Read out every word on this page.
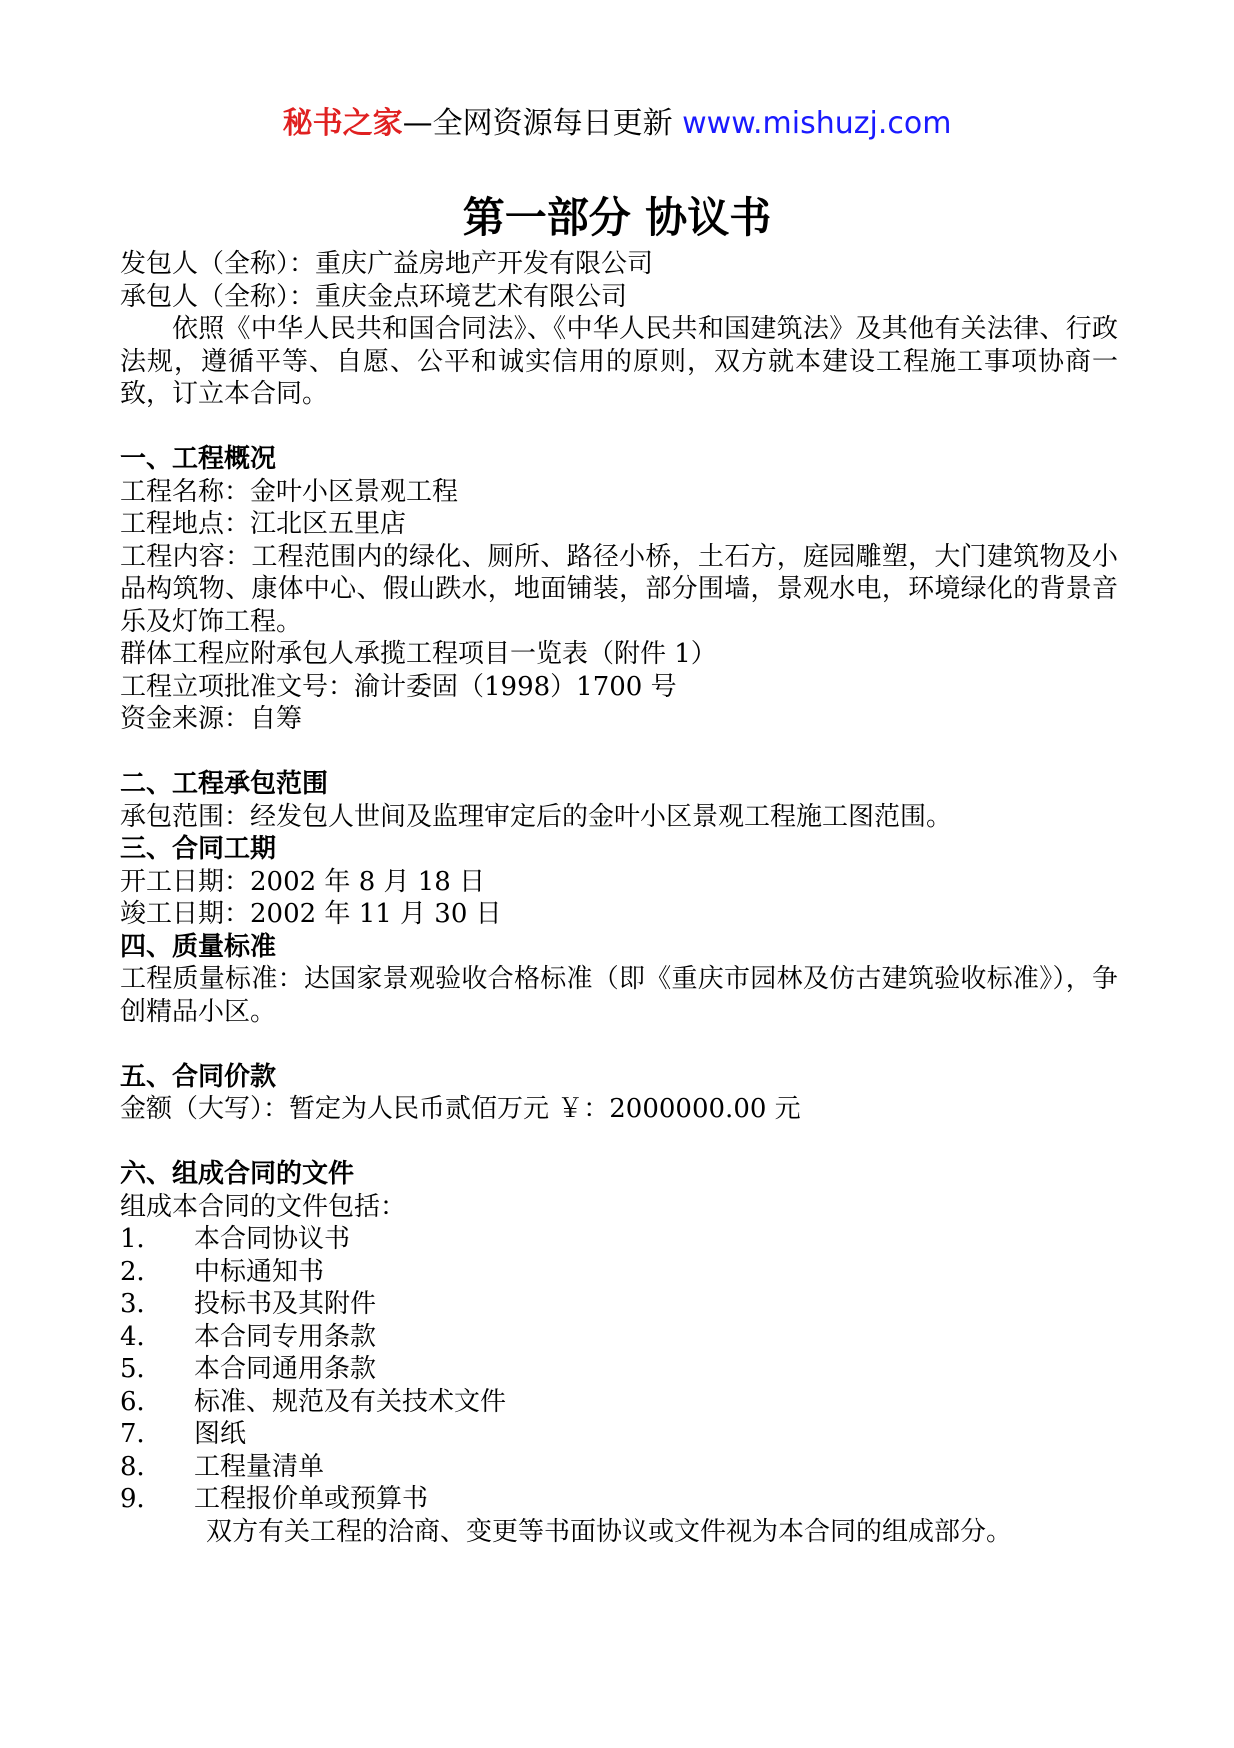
秘书之家—全网资源每日更新 www.mishuzj.com
第一部分 协议书

发包人（全称）：重庆广益房地产开发有限公司

承包人（全称）：重庆金点环境艺术有限公司

依照《中华人民共和国合同法》、《中华人民共和国建筑法》及其他有关法律、行政法规，遵循平等、自愿、公平和诚实信用的原则，双方就本建设工程施工事项协商一致，订立本合同。

一、工程概况

工程名称：金叶小区景观工程

工程地点：江北区五里店

工程内容：工程范围内的绿化、厕所、路径小桥，土石方，庭园雕塑，大门建筑物及小品构筑物、康体中心、假山跌水，地面铺装，部分围墙，景观水电，环境绿化的背景音乐及灯饰工程。

群体工程应附承包人承揽工程项目一览表（附件 1）

工程立项批准文号：渝计委固（1998）1700 号

资金来源：自筹

二、工程承包范围

承包范围：经发包人世间及监理审定后的金叶小区景观工程施工图范围。

三、合同工期

开工日期：2002 年 8 月 18 日

竣工日期：2002 年 11 月 30 日

四、质量标准

工程质量标准：达国家景观验收合格标准（即《重庆市园林及仿古建筑验收标准》），争创精品小区。

五、合同价款

金额（大写）：暂定为人民币贰佰万元 ￥：2000000.00 元

六、组成合同的文件

组成本合同的文件包括：

1． 本合同协议书

2． 中标通知书

3． 投标书及其附件

4． 本合同专用条款

5． 本合同通用条款

6． 标准、规范及有关技术文件

7． 图纸

8． 工程量清单

9． 工程报价单或预算书

双方有关工程的洽商、变更等书面协议或文件视为本合同的组成部分。
